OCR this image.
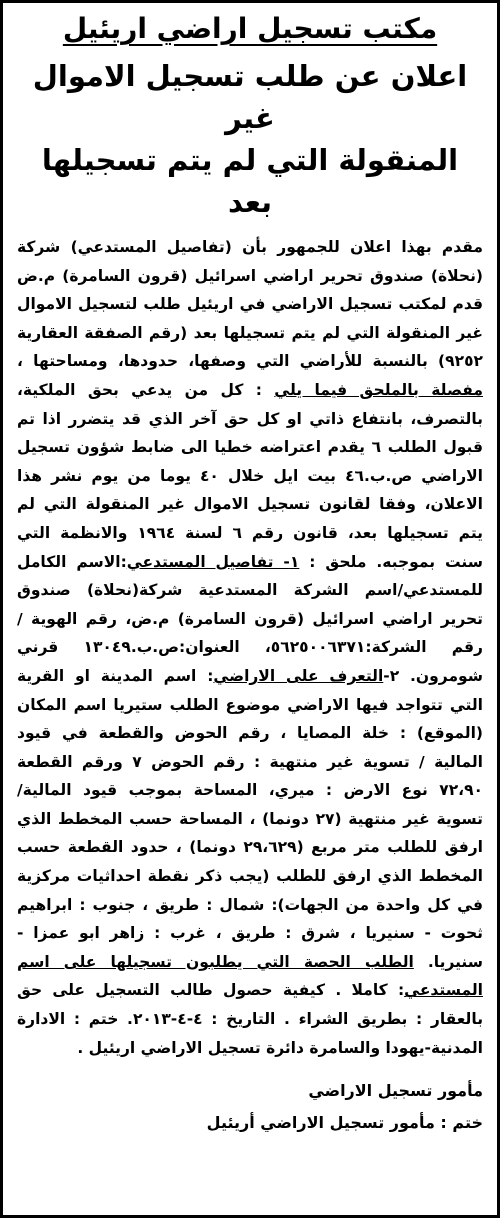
مكتب تسجيل اراضي اريئيل
اعلان عن طلب تسجيل الاموال غير
المنقولة التي لم يتم تسجيلها بعد

مقدم بهذا اعلان للجمهور بأن (تفاصيل المستدعي) شركة (نحلاة) صندوق تحرير اراضي اسرائيل (قرون السامرة) م.ض قدم لمكتب تسجيل الاراضي في اريئيل طلب لتسجيل الاموال غير المنقولة التي لم يتم تسجيلها بعد (رقم الصفقة العقارية ٩٢٥٢) بالنسبة للأراضي التي وصفها، حدودها، ومساحتها ، مفصلة بالملحق فيما يلي : كل من يدعي بحق الملكية، بالتصرف، بانتفاع ذاتي او كل حق آخر الذي قد يتضرر اذا تم قبول الطلب ٦ يقدم اعتراضه خطيا الى ضابط شؤون تسجيل الاراضي ص.ب.٤٦ بيت ايل خلال ٤٠ يوما من يوم نشر هذا الاعلان، وفقا لقانون تسجيل الاموال غير المنقولة التي لم يتم تسجيلها بعد، قانون رقم ٦ لسنة ١٩٦٤ والانظمة التي سنت بموجبه. ملحق : ١- تفاصيل المستدعي:الاسم الكامل للمستدعي/اسم الشركة المستدعية شركة(نحلاة) صندوق تحرير اراضي اسرائيل (قرون السامرة) م.ض، رقم الهوية / رقم الشركة:٥٦٢٥٠٠٦٣٧١، العنوان:ص.ب.١٣٠٤٩ قرني شومرون. ٢-التعرف على الاراضي: اسم المدينة او القرية التي تتواجد فيها الاراضي موضوع الطلب ستيريا اسم المكان (الموقع) : خلة المصايا ، رقم الحوض والقطعة في قيود المالية / تسوية غير منتهية : رقم الحوض ٧ ورقم القطعة ٧٢،٩٠ نوع الارض : ميري، المساحة بموجب قيود المالية/ تسوية غير منتهية (٢٧ دونما) ، المساحة حسب المخطط الذي ارفق للطلب متر مربع (٢٩،٦٢٩ دونما) ، حدود القطعة حسب المخطط الذي ارفق للطلب (يجب ذكر نقطة احداثيات مركزية في كل واحدة من الجهات): شمال : طريق ، جنوب : ابراهيم ثحوت - سنيريا ، شرق : طريق ، غرب : زاهر ابو عمزا - سنيريا. الطلب الحصة التي يطلبون تسجيلها على اسم المستدعي: كاملا . كيفية حصول طالب التسجيل على حق بالعقار : بطريق الشراء . التاريخ : ٤-٤-٢٠١٣. ختم : الادارة المدنية-يهودا والسامرة دائرة تسجيل الاراضي اريئيل .

مأمور تسجيل الاراضي
ختم : مأمور تسجيل الاراضي أريئيل
